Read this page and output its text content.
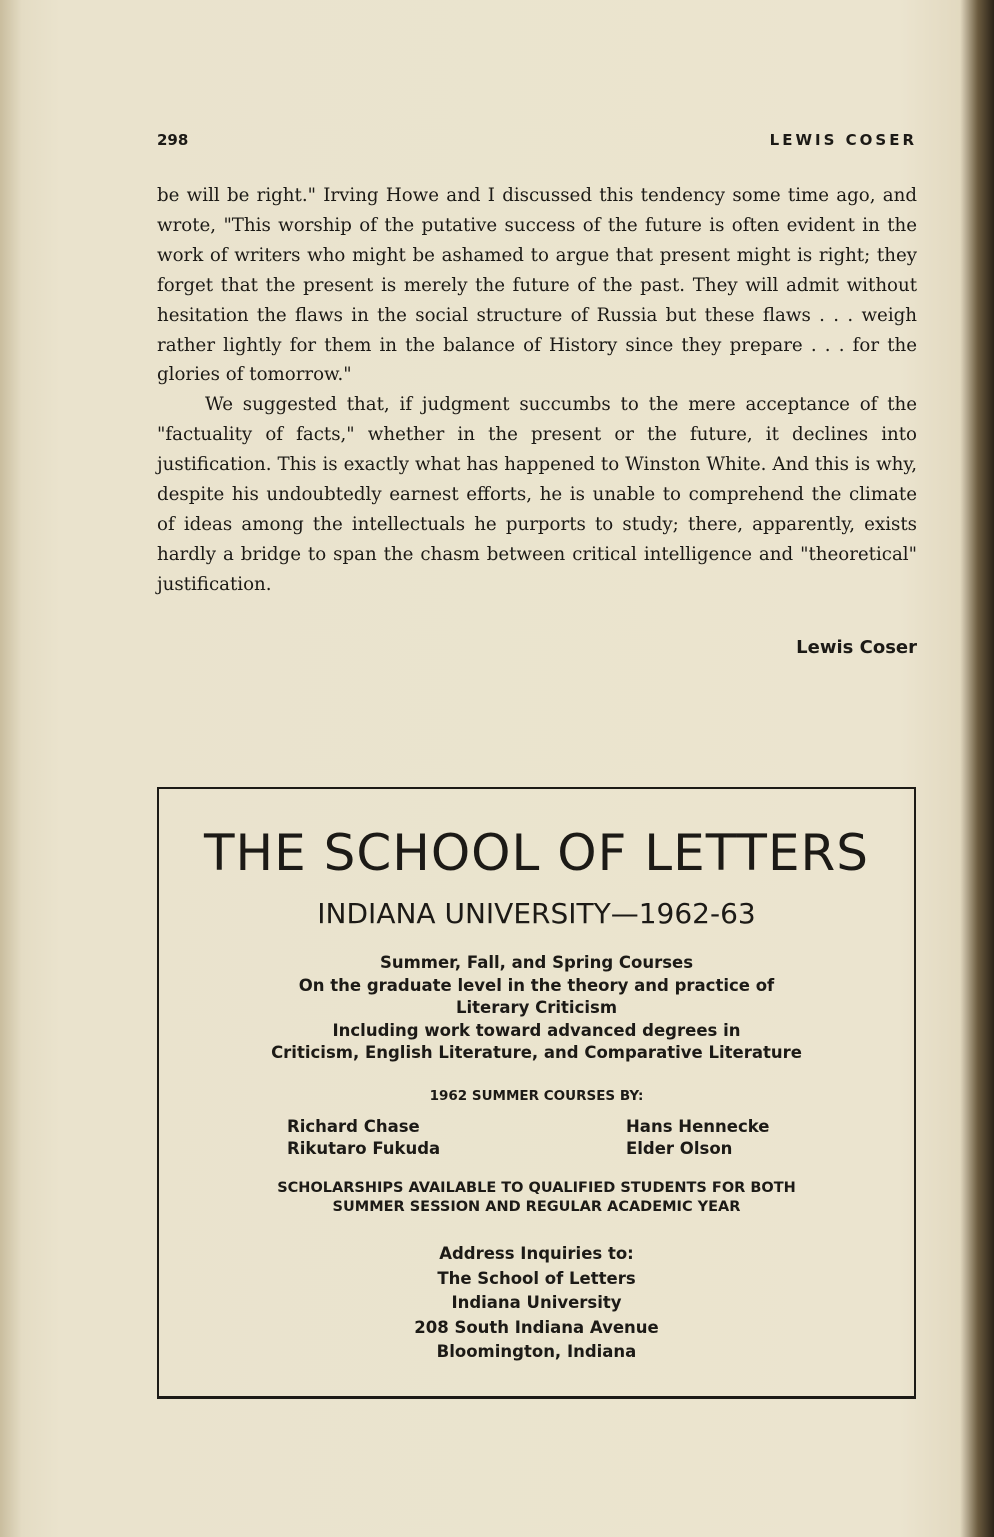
298	LEWIS COSER

be will be right." Irving Howe and I discussed this tendency some time ago, and wrote, "This worship of the putative success of the future is often evident in the work of writers who might be ashamed to argue that present might is right; they forget that the present is merely the future of the past. They will admit without hesitation the flaws in the social structure of Russia but these flaws . . . weigh rather lightly for them in the balance of History since they prepare . . . for the glories of tomorrow."

We suggested that, if judgment succumbs to the mere acceptance of the "factuality of facts," whether in the present or the future, it declines into justification. This is exactly what has happened to Winston White. And this is why, despite his undoubtedly earnest efforts, he is unable to comprehend the climate of ideas among the intellectuals he purports to study; there, apparently, exists hardly a bridge to span the chasm between critical intelligence and "theoretical" justification.

Lewis Coser
THE SCHOOL OF LETTERS
INDIANA UNIVERSITY—1962-63
Summer, Fall, and Spring Courses
On the graduate level in the theory and practice of
Literary Criticism
Including work toward advanced degrees in
Criticism, English Literature, and Comparative Literature
1962 SUMMER COURSES BY:
Richard Chase
Rikutaro Fukuda
Hans Hennecke
Elder Olson
SCHOLARSHIPS AVAILABLE TO QUALIFIED STUDENTS FOR BOTH
SUMMER SESSION AND REGULAR ACADEMIC YEAR
Address Inquiries to:
The School of Letters
Indiana University
208 South Indiana Avenue
Bloomington, Indiana
